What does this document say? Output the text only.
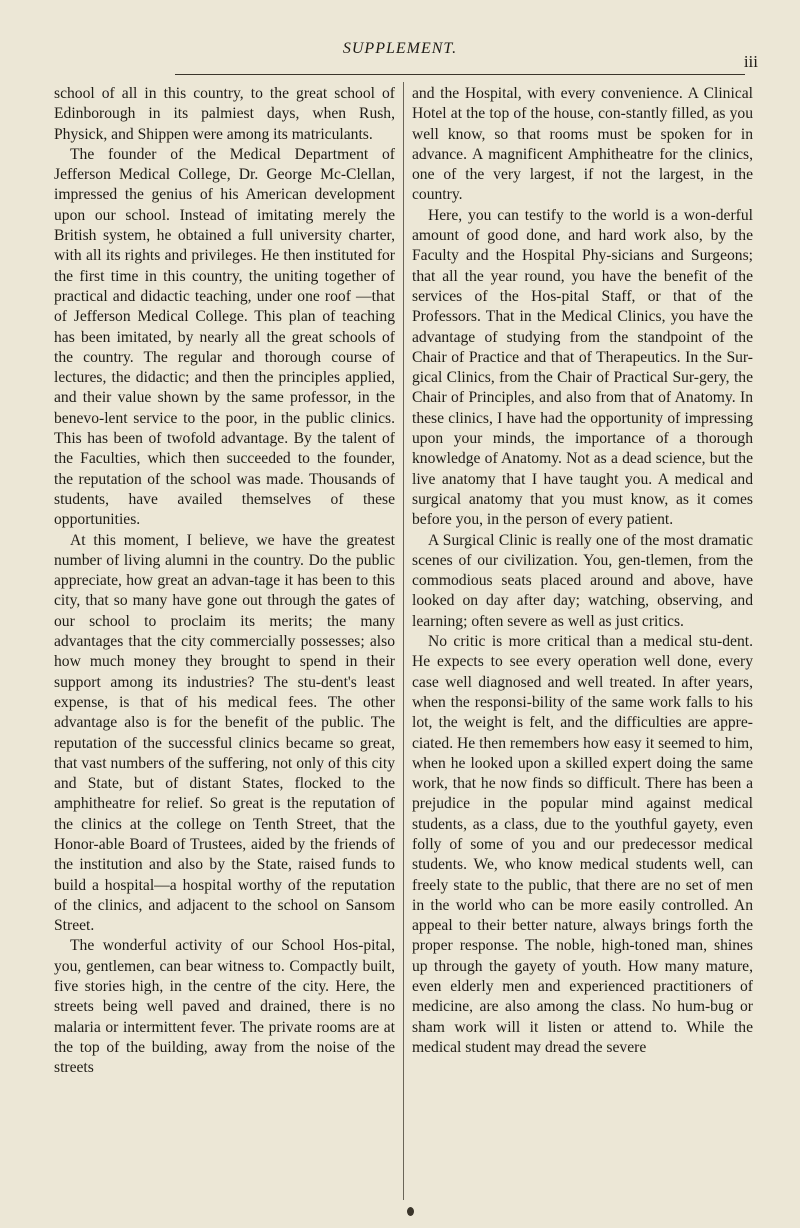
SUPPLEMENT.
iii

school of all in this country, to the great school of Edinborough in its palmiest days, when Rush, Physick, and Shippen were among its matriculants.

The founder of the Medical Department of Jefferson Medical College, Dr. George Mc-Clellan, impressed the genius of his American development upon our school. Instead of imitating merely the British system, he obtained a full university charter, with all its rights and privileges. He then instituted for the first time in this country, the uniting together of practical and didactic teaching, under one roof —that of Jefferson Medical College. This plan of teaching has been imitated, by nearly all the great schools of the country. The regular and thorough course of lectures, the didactic; and then the principles applied, and their value shown by the same professor, in the benevo-lent service to the poor, in the public clinics. This has been of twofold advantage. By the talent of the Faculties, which then succeeded to the founder, the reputation of the school was made. Thousands of students, have availed themselves of these opportunities.

At this moment, I believe, we have the greatest number of living alumni in the country. Do the public appreciate, how great an advan-tage it has been to this city, that so many have gone out through the gates of our school to proclaim its merits; the many advantages that the city commercially possesses; also how much money they brought to spend in their support among its industries? The stu-dent's least expense, is that of his medical fees. The other advantage also is for the benefit of the public. The reputation of the successful clinics became so great, that vast numbers of the suffering, not only of this city and State, but of distant States, flocked to the amphitheatre for relief. So great is the reputation of the clinics at the college on Tenth Street, that the Honor-able Board of Trustees, aided by the friends of the institution and also by the State, raised funds to build a hospital—a hospital worthy of the reputation of the clinics, and adjacent to the school on Sansom Street.

The wonderful activity of our School Hos-pital, you, gentlemen, can bear witness to. Compactly built, five stories high, in the centre of the city. Here, the streets being well paved and drained, there is no malaria or intermittent fever. The private rooms are at the top of the building, away from the noise of the streets

and the Hospital, with every convenience. A Clinical Hotel at the top of the house, con-stantly filled, as you well know, so that rooms must be spoken for in advance. A magnificent Amphitheatre for the clinics, one of the very largest, if not the largest, in the country.

Here, you can testify to the world is a won-derful amount of good done, and hard work also, by the Faculty and the Hospital Phy-sicians and Surgeons; that all the year round, you have the benefit of the services of the Hos-pital Staff, or that of the Professors. That in the Medical Clinics, you have the advantage of studying from the standpoint of the Chair of Practice and that of Therapeutics. In the Sur-gical Clinics, from the Chair of Practical Sur-gery, the Chair of Principles, and also from that of Anatomy. In these clinics, I have had the opportunity of impressing upon your minds, the importance of a thorough knowledge of Anatomy. Not as a dead science, but the live anatomy that I have taught you. A medical and surgical anatomy that you must know, as it comes before you, in the person of every patient.

A Surgical Clinic is really one of the most dramatic scenes of our civilization. You, gen-tlemen, from the commodious seats placed around and above, have looked on day after day; watching, observing, and learning; often severe as well as just critics.

No critic is more critical than a medical stu-dent. He expects to see every operation well done, every case well diagnosed and well treated. In after years, when the responsi-bility of the same work falls to his lot, the weight is felt, and the difficulties are appre-ciated. He then remembers how easy it seemed to him, when he looked upon a skilled expert doing the same work, that he now finds so difficult. There has been a prejudice in the popular mind against medical students, as a class, due to the youthful gayety, even folly of some of you and our predecessor medical students. We, who know medical students well, can freely state to the public, that there are no set of men in the world who can be more easily controlled. An appeal to their better nature, always brings forth the proper response. The noble, high-toned man, shines up through the gayety of youth. How many mature, even elderly men and experienced practitioners of medicine, are also among the class. No hum-bug or sham work will it listen or attend to. While the medical student may dread the severe
